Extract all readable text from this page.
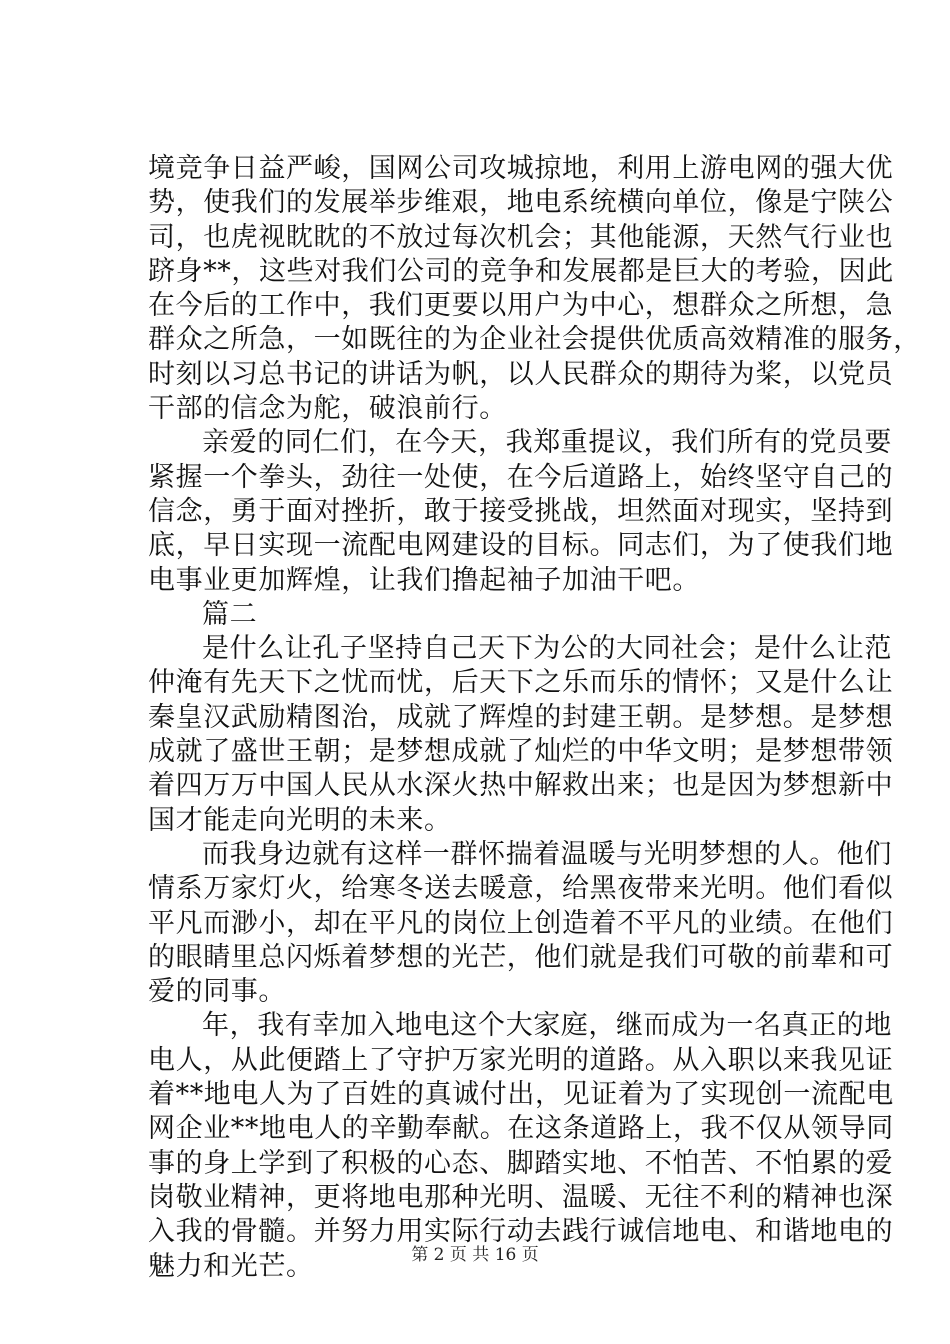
境竞争日益严峻，国网公司攻城掠地，利用上游电网的强大优
势，使我们的发展举步维艰，地电系统横向单位，像是宁陕公
司，也虎视眈眈的不放过每次机会；其他能源，天然气行业也
跻身**，这些对我们公司的竞争和发展都是巨大的考验，因此
在今后的工作中，我们更要以用户为中心，想群众之所想，急
群众之所急，一如既往的为企业社会提供优质高效精准的服务，
时刻以习总书记的讲话为帆，以人民群众的期待为桨，以党员
干部的信念为舵，破浪前行。
亲爱的同仁们，在今天，我郑重提议，我们所有的党员要
紧握一个拳头，劲往一处使，在今后道路上，始终坚守自己的
信念，勇于面对挫折，敢于接受挑战，坦然面对现实，坚持到
底，早日实现一流配电网建设的目标。同志们，为了使我们地
电事业更加辉煌，让我们撸起袖子加油干吧。
篇二
是什么让孔子坚持自己天下为公的大同社会；是什么让范
仲淹有先天下之忧而忧，后天下之乐而乐的情怀；又是什么让
秦皇汉武励精图治，成就了辉煌的封建王朝。是梦想。是梦想
成就了盛世王朝；是梦想成就了灿烂的中华文明；是梦想带领
着四万万中国人民从水深火热中解救出来；也是因为梦想新中
国才能走向光明的未来。
而我身边就有这样一群怀揣着温暖与光明梦想的人。他们
情系万家灯火，给寒冬送去暖意，给黑夜带来光明。他们看似
平凡而渺小，却在平凡的岗位上创造着不平凡的业绩。在他们
的眼睛里总闪烁着梦想的光芒，他们就是我们可敬的前辈和可
爱的同事。
年，我有幸加入地电这个大家庭，继而成为一名真正的地
电人，从此便踏上了守护万家光明的道路。从入职以来我见证
着**地电人为了百姓的真诚付出，见证着为了实现创一流配电
网企业**地电人的辛勤奉献。在这条道路上，我不仅从领导同
事的身上学到了积极的心态、脚踏实地、不怕苦、不怕累的爱
岗敬业精神，更将地电那种光明、温暖、无往不利的精神也深
入我的骨髓。并努力用实际行动去践行诚信地电、和谐地电的
魅力和光芒。	第 2 页 共 16 页
